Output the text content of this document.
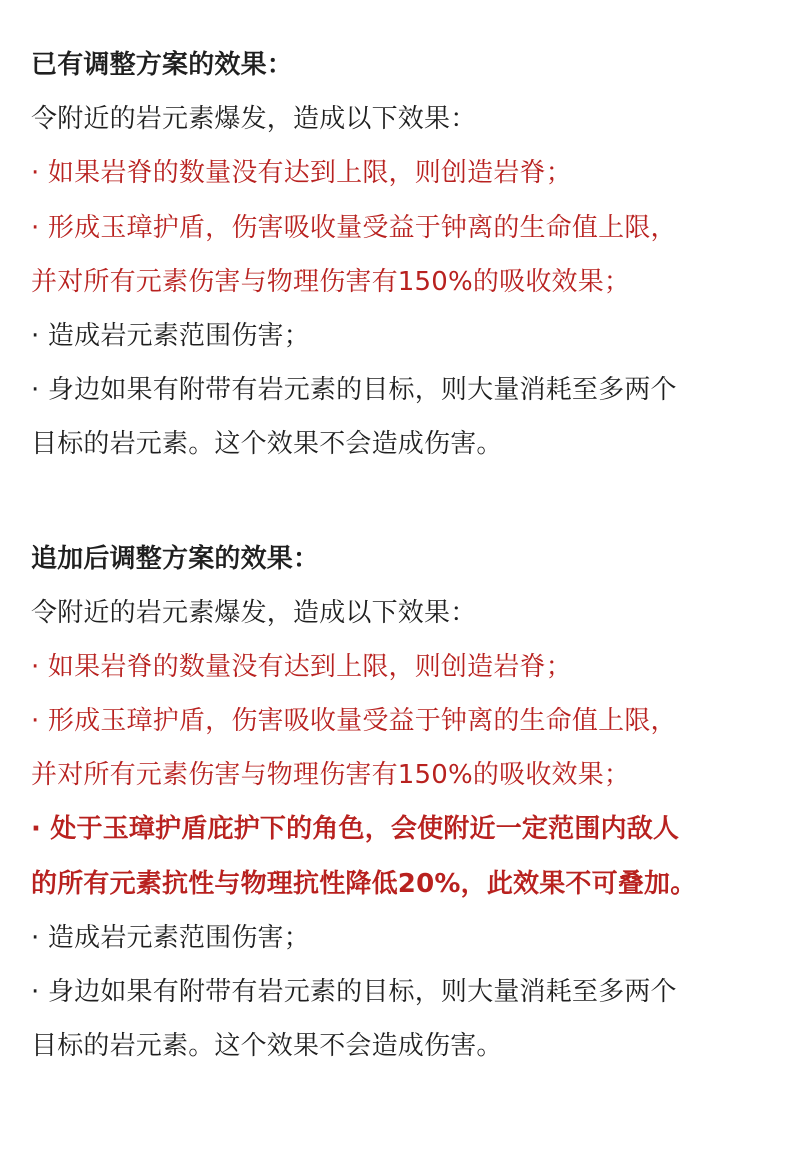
已有调整方案的效果：
令附近的岩元素爆发，造成以下效果：
· 如果岩脊的数量没有达到上限，则创造岩脊；
· 形成玉璋护盾，伤害吸收量受益于钟离的生命值上限，
并对所有元素伤害与物理伤害有150%的吸收效果；
· 造成岩元素范围伤害；
· 身边如果有附带有岩元素的目标，则大量消耗至多两个
目标的岩元素。这个效果不会造成伤害。
追加后调整方案的效果：
令附近的岩元素爆发，造成以下效果：
· 如果岩脊的数量没有达到上限，则创造岩脊；
· 形成玉璋护盾，伤害吸收量受益于钟离的生命值上限，
并对所有元素伤害与物理伤害有150%的吸收效果；
· 处于玉璋护盾庇护下的角色，会使附近一定范围内敌人
的所有元素抗性与物理抗性降低20%，此效果不可叠加。
· 造成岩元素范围伤害；
· 身边如果有附带有岩元素的目标，则大量消耗至多两个
目标的岩元素。这个效果不会造成伤害。
